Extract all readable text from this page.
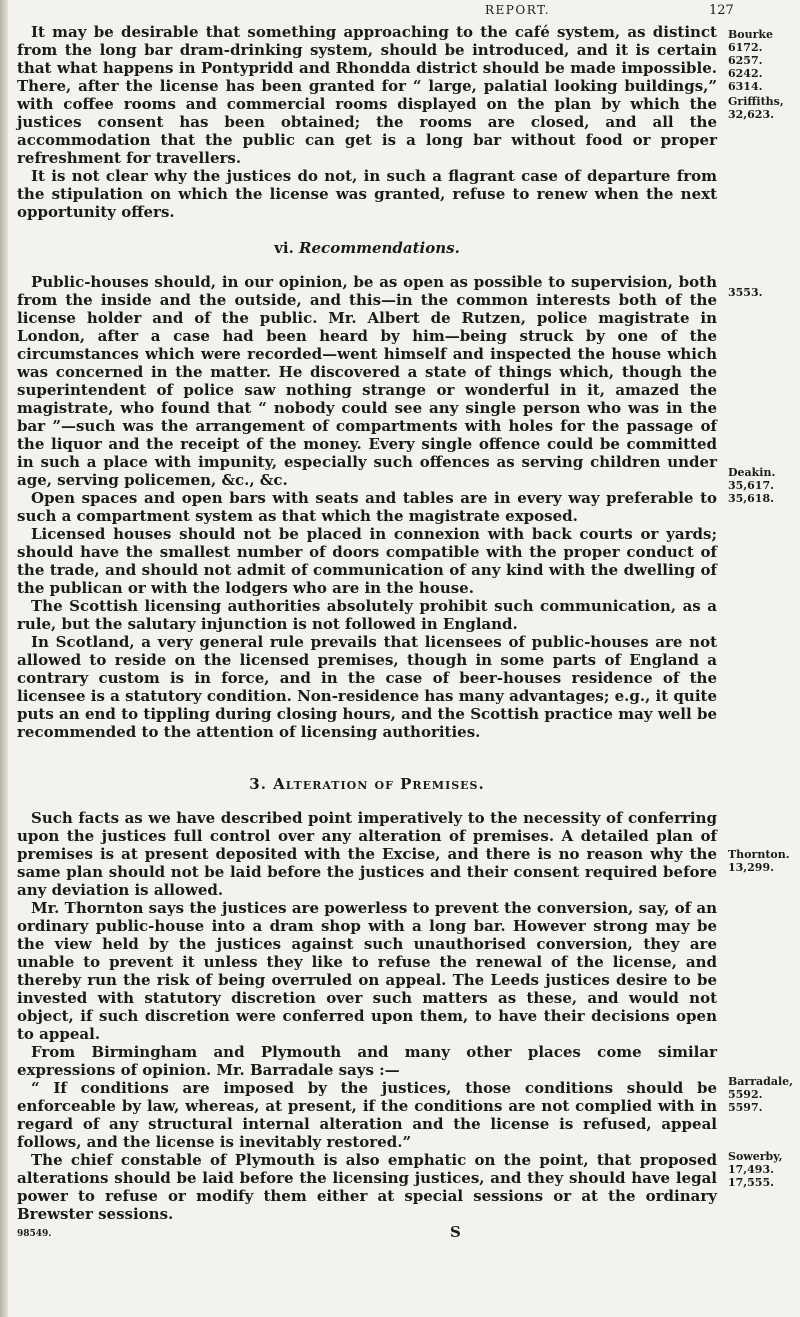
REPORT.	127

It may be desirable that something approaching to the café system, as distinct from the long bar dram-drinking system, should be introduced, and it is certain that what happens in Pontypridd and Rhondda district should be made impossible. There, after the license has been granted for “ large, palatial looking buildings,” with coffee rooms and commercial rooms displayed on the plan by which the justices consent has been obtained; the rooms are closed, and all the accommodation that the public can get is a long bar without food or proper refreshment for travellers.

It is not clear why the justices do not, in such a flagrant case of departure from the stipulation on which the license was granted, refuse to renew when the next opportunity offers.

vi. Recommendations.

Public-houses should, in our opinion, be as open as possible to supervision, both from the inside and the outside, and this—in the common interests both of the license holder and of the public. Mr. Albert de Rutzen, police magistrate in London, after a case had been heard by him—being struck by one of the circumstances which were recorded—went himself and inspected the house which was concerned in the matter. He discovered a state of things which, though the superintendent of police saw nothing strange or wonderful in it, amazed the magistrate, who found that “ nobody could see any single person who was in the bar ”—such was the arrangement of compartments with holes for the passage of the liquor and the receipt of the money. Every single offence could be committed in such a place with impunity, especially such offences as serving children under age, serving policemen, &c., &c.

Open spaces and open bars with seats and tables are in every way preferable to such a compartment system as that which the magistrate exposed.

Licensed houses should not be placed in connexion with back courts or yards; should have the smallest number of doors compatible with the proper conduct of the trade, and should not admit of communication of any kind with the dwelling of the publican or with the lodgers who are in the house.

The Scottish licensing authorities absolutely prohibit such communication, as a rule, but the salutary injunction is not followed in England.

In Scotland, a very general rule prevails that licensees of public-houses are not allowed to reside on the licensed premises, though in some parts of England a contrary custom is in force, and in the case of beer-houses residence of the licensee is a statutory condition. Non-residence has many advantages; e.g., it quite puts an end to tippling during closing hours, and the Scottish practice may well be recommended to the attention of licensing authorities.

3. Alteration of Premises.

Such facts as we have described point imperatively to the necessity of conferring upon the justices full control over any alteration of premises. A detailed plan of premises is at present deposited with the Excise, and there is no reason why the same plan should not be laid before the justices and their consent required before any deviation is allowed.

Mr. Thornton says the justices are powerless to prevent the conversion, say, of an ordinary public-house into a dram shop with a long bar. However strong may be the view held by the justices against such unauthorised conversion, they are unable to prevent it unless they like to refuse the renewal of the license, and thereby run the risk of being overruled on appeal. The Leeds justices desire to be invested with statutory discretion over such matters as these, and would not object, if such discretion were conferred upon them, to have their decisions open to appeal.

From Birmingham and Plymouth and many other places come similar expressions of opinion. Mr. Barradale says :—

“ If conditions are imposed by the justices, those conditions should be enforceable by law, whereas, at present, if the conditions are not complied with in regard of any structural internal alteration and the license is refused, appeal follows, and the license is inevitably restored.”

The chief constable of Plymouth is also emphatic on the point, that proposed alterations should be laid before the licensing justices, and they should have legal power to refuse or modify them either at special sessions or at the ordinary Brewster sessions.

98549.	S
Bourke
6172.
6257.
6242.
6314.
Griffiths,
32,623.
3553.
Deakin.
35,617.
35,618.
Thornton.
13,299.
Barradale,
5592.
5597.
Sowerby,
17,493.
17,555.
